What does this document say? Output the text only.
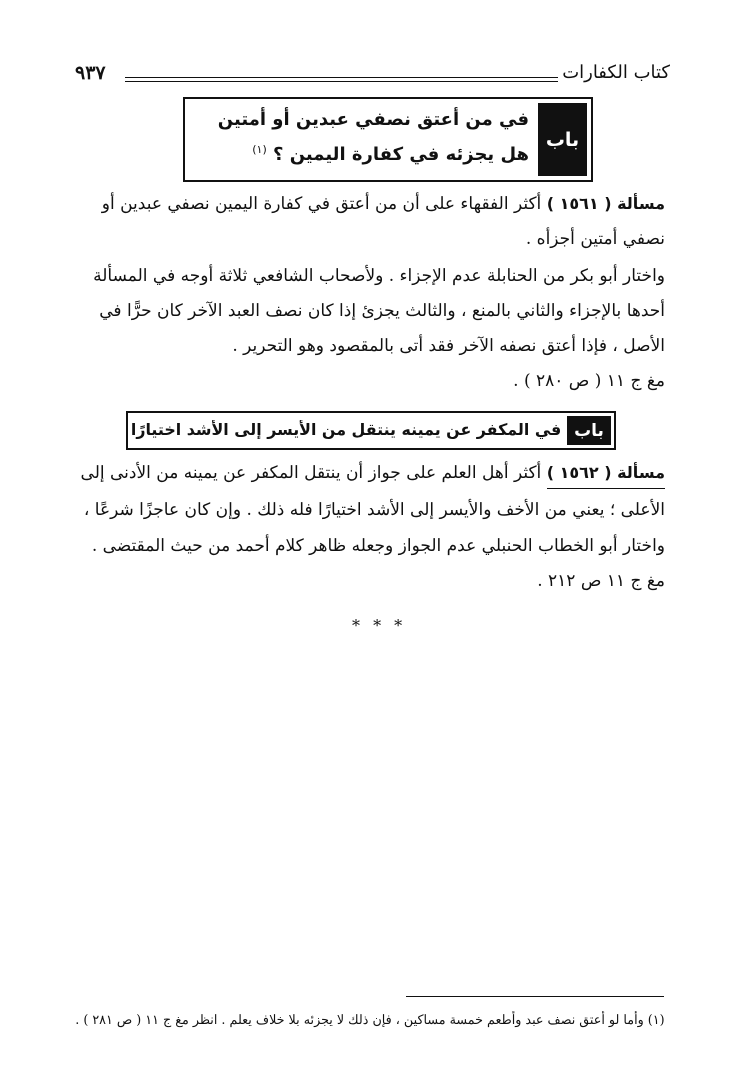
كتاب الكفارات
٩٣٧
باب
في من أعتق نصفي عبدين أو أمتين
هل يجزئه في كفارة اليمين ؟ $^{(١)}$
مسألة ( ١٥٦١ ) أكثر الفقهاء على أن من أعتق في كفارة اليمين نصفي عبدين أو
نصفي أمتين أجزأه .
واختار أبو بكر من الحنابلة عدم الإجزاء . ولأصحاب الشافعي ثلاثة أوجه في المسألة
أحدها بالإجزاء والثاني بالمنع ، والثالث يجزئ إذا كان نصف العبد الآخر كان حرًّا في
الأصل ، فإذا أعتق نصفه الآخر فقد أتى بالمقصود وهو التحرير .
مغ ج ١١ ( ص ٢٨٠ ) .
باب
في المكفر عن يمينه ينتقل من الأيسر إلى الأشد اختيارًا
مسألة ( ١٥٦٢ ) أكثر أهل العلم على جواز أن ينتقل المكفر عن يمينه من الأدنى إلى
الأعلى ؛ يعني من الأخف والأيسر إلى الأشد اختيارًا فله ذلك . وإن كان عاجزًا شرعًا ،
واختار أبو الخطاب الحنبلي عدم الجواز وجعله ظاهر كلام أحمد من حيث المقتضى .
مغ ج ١١ ص ٢١٢ .
* * *
(١) وأما لو أعتق نصف عبد وأطعم خمسة مساكين ، فإن ذلك لا يجزئه بلا خلاف يعلم . انظر مغ ج ١١ ( ص ٢٨١ ) .
